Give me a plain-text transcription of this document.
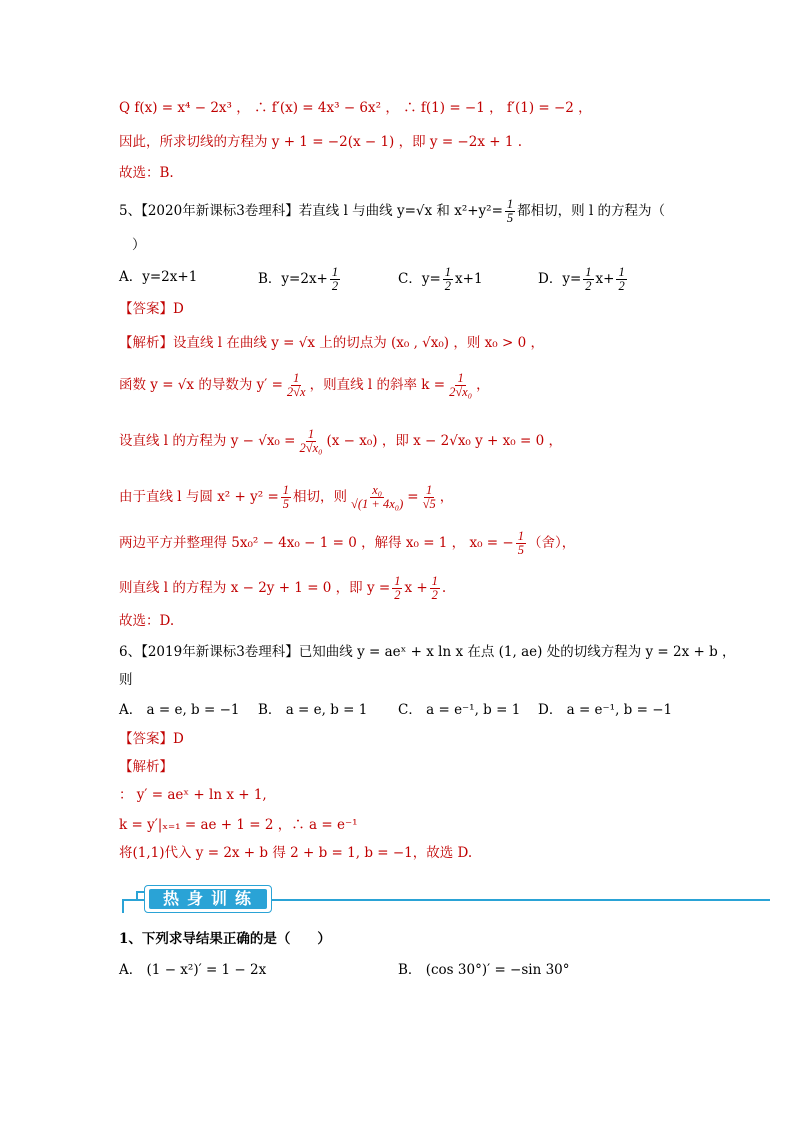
Q f(x) = x⁴ − 2x³ ， ∴ f′(x) = 4x³ − 6x² ， ∴ f(1) = −1 ， f′(1) = −2 ，
因此，所求切线的方程为 y + 1 = −2(x − 1) ，即 y = −2x + 1 .
故选：B.
5、【2020年新课标3卷理科】若直线 l 与曲线 y=√x 和 $x^2+y^2= \frac{1}{5}$ 都相切，则 l 的方程为（
）
A．y=2x+1	B．$y=2x+ \frac{1}{2}$	C．$y= \frac{1}{2} x+1$	D．$y= \frac{1}{2} x+ \frac{1}{2}$
【答案】D
【解析】设直线 l 在曲线 y = √x 上的切点为 (x₀ , √x₀) ，则 x₀ > 0 ，
函数 y = √x 的导数为 $y' = \frac{1}{2√x}$ ，则直线 l 的斜率 $k = \frac{1}{\text{2√x₀}}$ ，
设直线 l 的方程为 $y - √x_0 = \frac{1}{\text{2√x₀}} (x - x_0)$ ，即 x − 2√x₀ y + x₀ = 0 ，
由于直线 l 与圆 $x^2 + y^2 = \frac{1}{5}$ 相切，则 $\frac{\text{x₀}}{\text{√(1 + 4x₀)}} = \frac{1}{√5}$ ，
两边平方并整理得 5x₀² − 4x₀ − 1 = 0 ，解得 x₀ = 1 ， x₀ = − $\frac{1}{5}$ （舍），
则直线 l 的方程为 x − 2y + 1 = 0 ，即 $y = \frac{1}{2}$ $x + \frac{1}{2}$ .
故选：D.
6、【2019年新课标3卷理科】已知曲线 y = aeˣ + x ln x 在点 (1, ae) 处的切线方程为 y = 2x + b ，
则
A． a = e, b = −1 B． a = e, b = 1 C． a = e⁻¹, b = 1 D． a = e⁻¹, b = −1
【答案】D
【解析】
： y′ = aeˣ + ln x + 1,
k = y′|ₓ₌₁ = ae + 1 = 2 ，∴ a = e⁻¹
将(1,1)代入 y = 2x + b 得 2 + b = 1, b = −1，故选 D.
热身训练
1、下列求导结果正确的是（　　）
A． (1 − x²)′ = 1 − 2x	B． (cos 30°)′ = −sin 30°
